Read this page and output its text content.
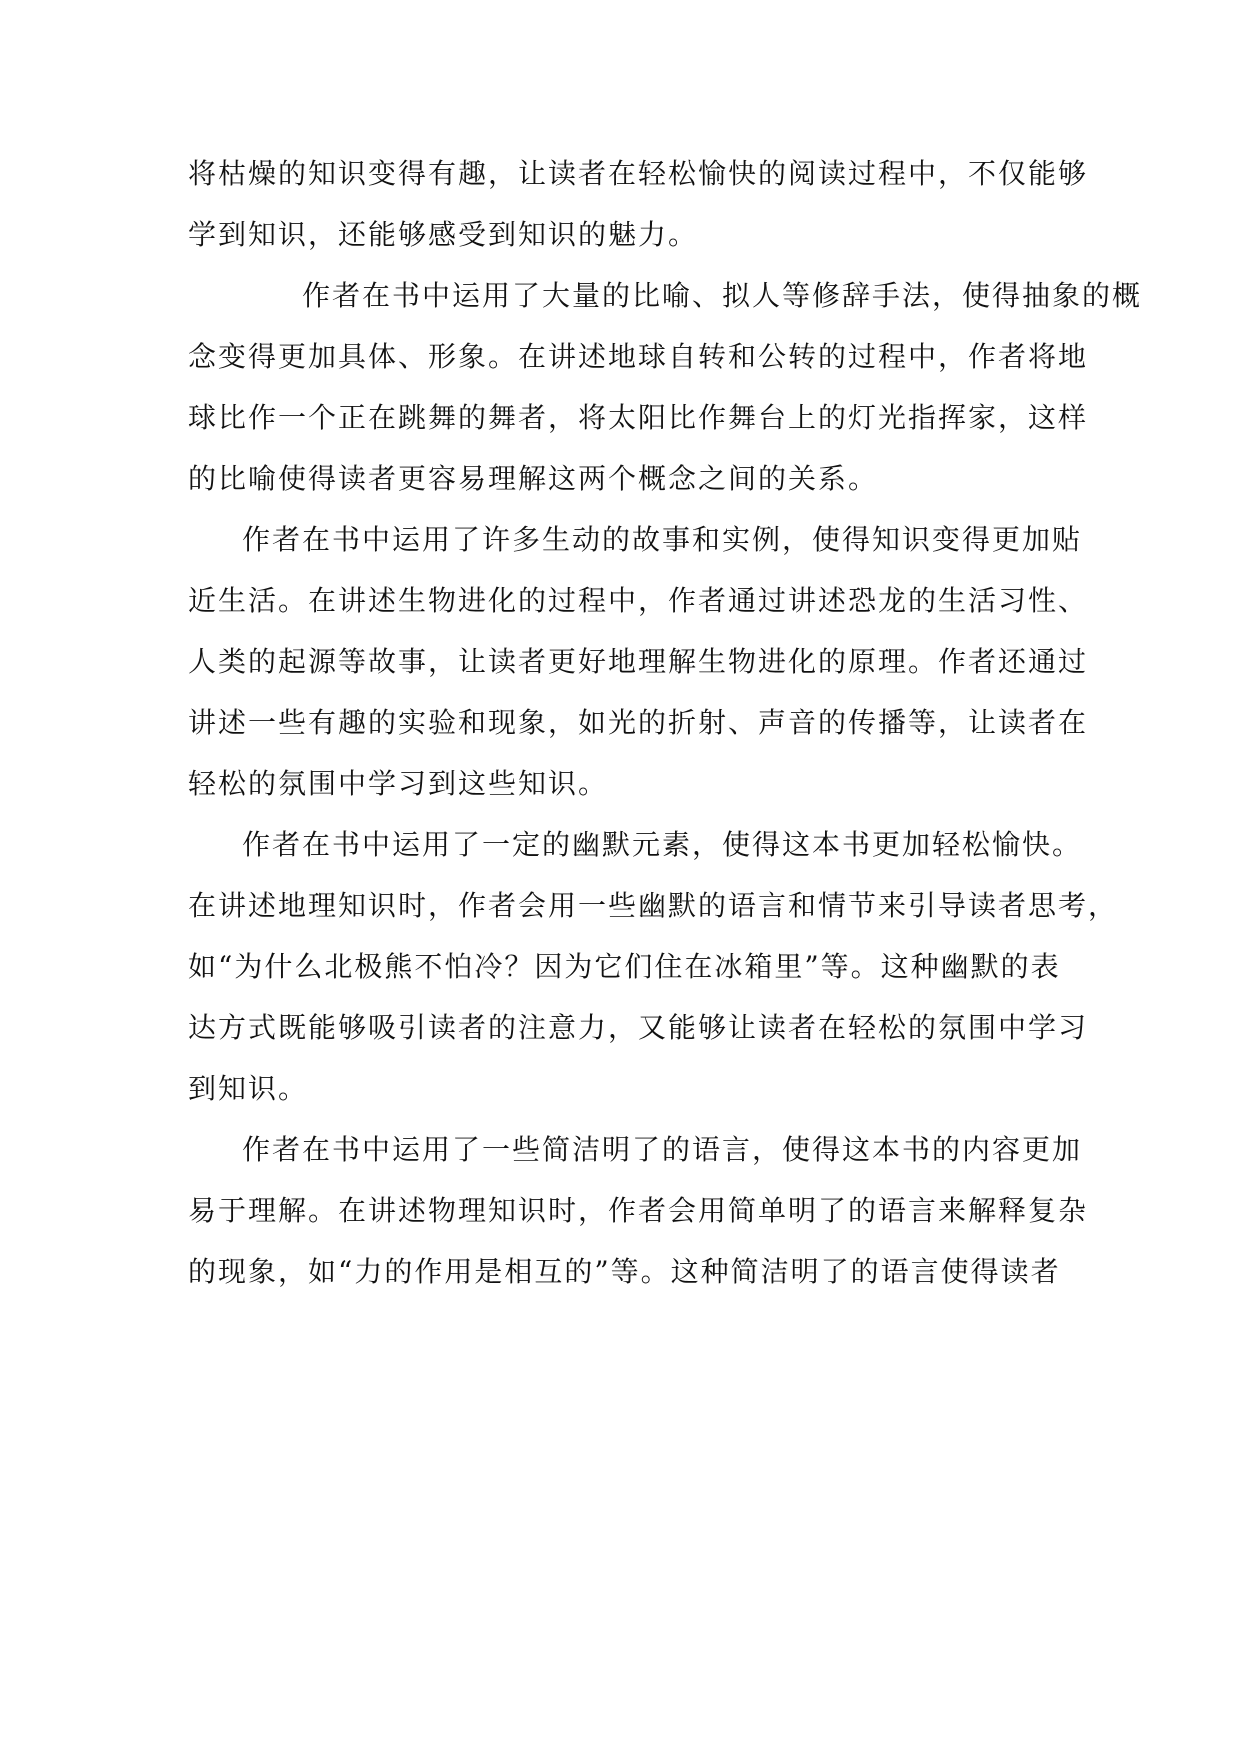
将枯燥的知识变得有趣，让读者在轻松愉快的阅读过程中，不仅能够
学到知识，还能够感受到知识的魅力。
作者在书中运用了大量的比喻、拟人等修辞手法，使得抽象的概
念变得更加具体、形象。在讲述地球自转和公转的过程中，作者将地
球比作一个正在跳舞的舞者，将太阳比作舞台上的灯光指挥家，这样
的比喻使得读者更容易理解这两个概念之间的关系。
作者在书中运用了许多生动的故事和实例，使得知识变得更加贴
近生活。在讲述生物进化的过程中，作者通过讲述恐龙的生活习性、
人类的起源等故事，让读者更好地理解生物进化的原理。作者还通过
讲述一些有趣的实验和现象，如光的折射、声音的传播等，让读者在
轻松的氛围中学习到这些知识。
作者在书中运用了一定的幽默元素，使得这本书更加轻松愉快。
在讲述地理知识时，作者会用一些幽默的语言和情节来引导读者思考，
如“为什么北极熊不怕冷？因为它们住在冰箱里”等。这种幽默的表
达方式既能够吸引读者的注意力，又能够让读者在轻松的氛围中学习
到知识。
作者在书中运用了一些简洁明了的语言，使得这本书的内容更加
易于理解。在讲述物理知识时，作者会用简单明了的语言来解释复杂
的现象，如“力的作用是相互的”等。这种简洁明了的语言使得读者
